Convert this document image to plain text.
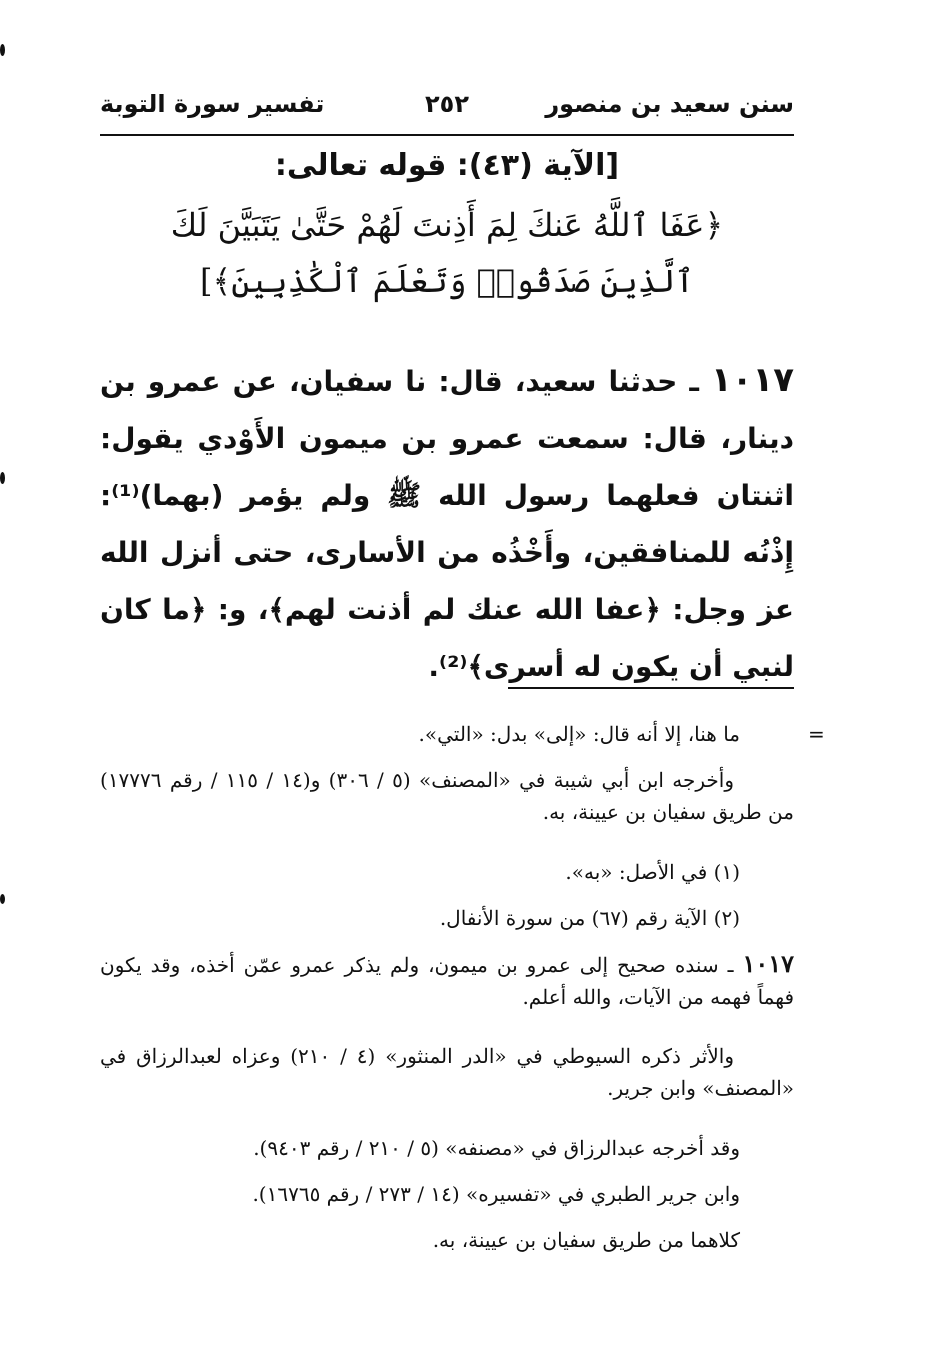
سنن سعيد بن منصور
٢٥٢
تفسير سورة التوبة
[الآية (٤٣): قوله تعالى:
﴿عَفَا ٱللَّهُ عَنكَ لِمَ أَذِنتَ لَهُمْ حَتَّىٰ يَتَبَيَّنَ لَكَ
ٱلَّذِينَ صَدَقُوا۟ وَتَعْلَمَ ٱلْكَٰذِبِينَ﴾]
١٠١٧ ـ حدثنا سعيد، قال: نا سفيان، عن عمرو بن دينار، قال: سمعت عمرو بن ميمون الأَوْدي يقول: اثنتان فعلهما رسول الله ﷺ ولم يؤمر (بهما)⁽¹⁾: إِذْنُه للمنافقين، وأَخْذُه من الأسارى، حتى أنزل الله عز وجل: ﴿عفا الله عنك لم أذنت لهم﴾، و: ﴿ما كان لنبي أن يكون له أسرى﴾⁽²⁾.
=
ما هنا، إلا أنه قال: «إلى» بدل: «التي».
وأخرجه ابن أبي شيبة في «المصنف» (٥ / ٣٠٦) و(١٤ / ١١٥ / رقم ١٧٧٧٦) من طريق سفيان بن عيينة، به.
(١) في الأصل: «به».
(٢) الآية رقم (٦٧) من سورة الأنفال.
١٠١٧ ـ سنده صحيح إلى عمرو بن ميمون، ولم يذكر عمرو عمّن أخذه، وقد يكون فهماً فهمه من الآيات، والله أعلم.
والأثر ذكره السيوطي في «الدر المنثور» (٤ / ٢١٠) وعزاه لعبدالرزاق في «المصنف» وابن جرير.
وقد أخرجه عبدالرزاق في «مصنفه» (٥ / ٢١٠ / رقم ٩٤٠٣).
وابن جرير الطبري في «تفسيره» (١٤ / ٢٧٣ / رقم ١٦٧٦٥).
كلاهما من طريق سفيان بن عيينة، به.
